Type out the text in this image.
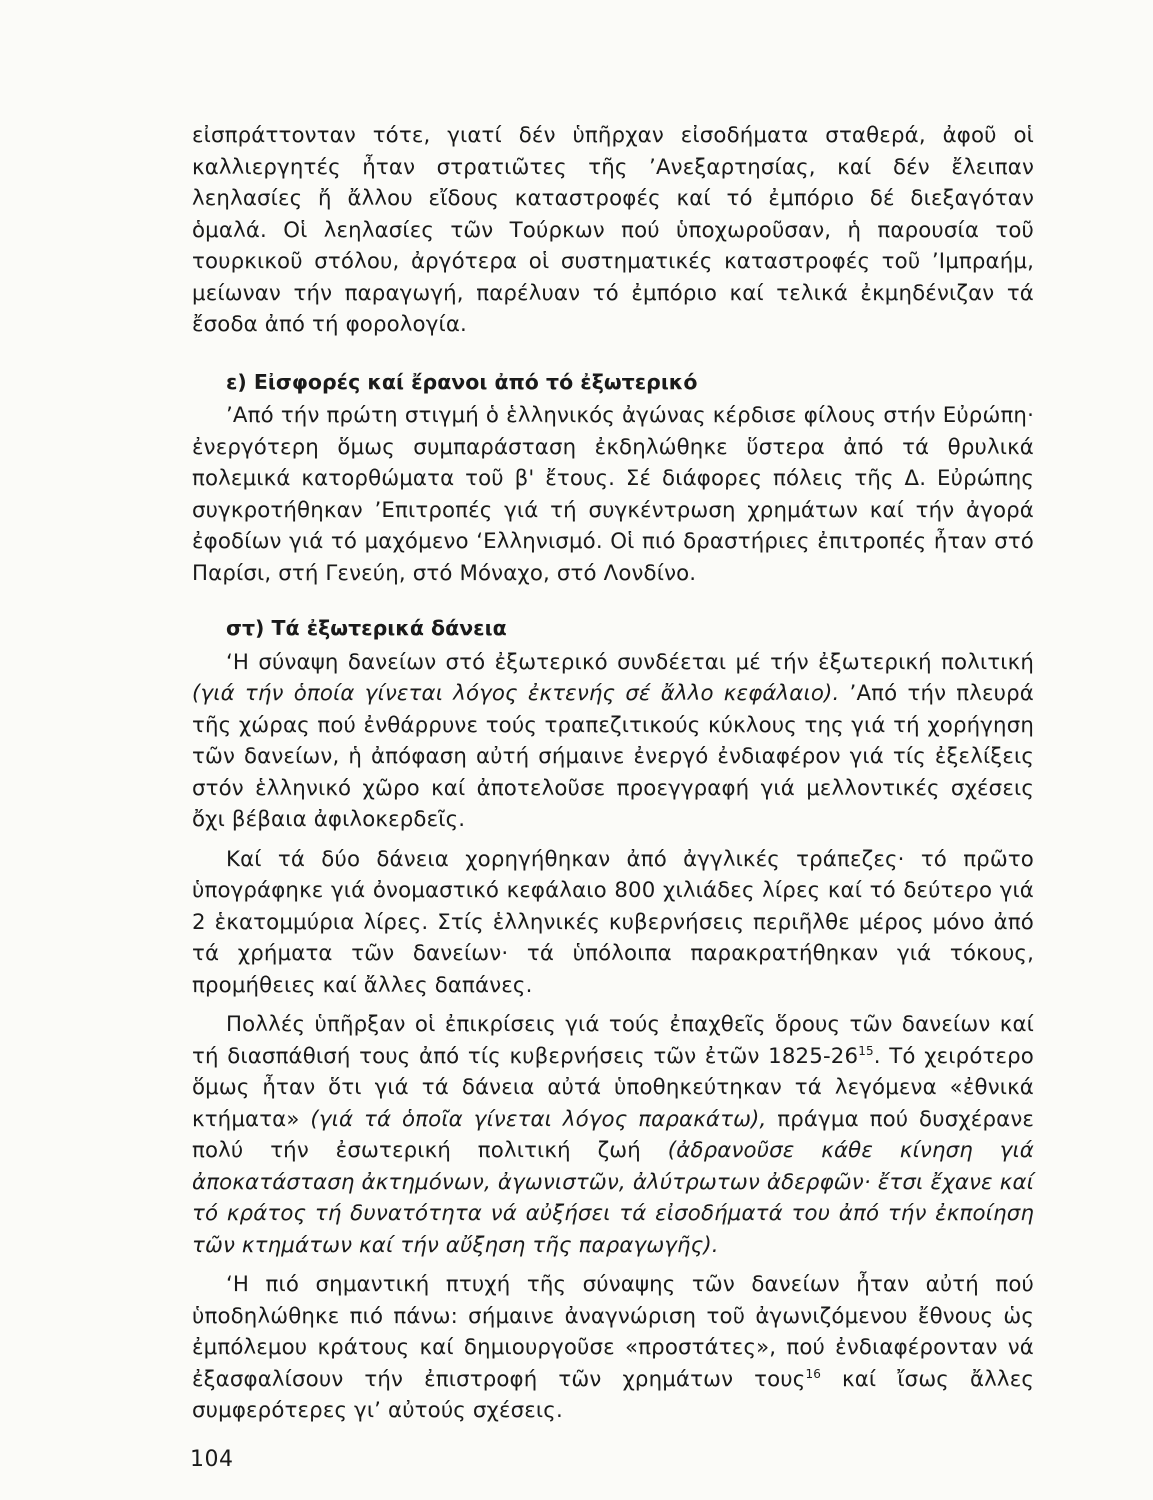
εἰσπράττονταν τότε, γιατί δέν ὑπῆρχαν εἰσοδήματα σταθερά, ἀφοῦ οἱ καλλιεργητές ἦταν στρατιῶτες τῆς ’Ανεξαρτησίας, καί δέν ἔλειπαν λεηλασίες ἤ ἄλλου εἴδους καταστροφές καί τό ἐμπόριο δέ διεξαγόταν ὁμαλά. Οἱ λεηλασίες τῶν Τούρκων πού ὑποχωροῦσαν, ἡ παρουσία τοῦ τουρκικοῦ στόλου, ἀργότερα οἱ συστηματικές καταστροφές τοῦ ’Ιμπραήμ, μείωναν τήν παραγωγή, παρέλυαν τό ἐμπόριο καί τελικά ἐκμηδένιζαν τά ἔσοδα ἀπό τή φορολογία.

ε) Εἰσφορές καί ἔρανοι ἀπό τό ἐξωτερικό

’Από τήν πρώτη στιγμή ὁ ἑλληνικός ἀγώνας κέρδισε φίλους στήν Εὐρώπη· ἐνεργότερη ὅμως συμπαράσταση ἐκδηλώθηκε ὕστερα ἀπό τά θρυλικά πολεμικά κατορθώματα τοῦ β' ἔτους. Σέ διάφορες πόλεις τῆς Δ. Εὐρώπης συγκροτήθηκαν ’Επιτροπές γιά τή συγκέντρωση χρημάτων καί τήν ἀγορά ἐφοδίων γιά τό μαχόμενο ‘Ελληνισμό. Οἱ πιό δραστήριες ἐπιτροπές ἦταν στό Παρίσι, στή Γενεύη, στό Μόναχο, στό Λονδίνο.

στ) Τά ἐξωτερικά δάνεια

‘Η σύναψη δανείων στό ἐξωτερικό συνδέεται μέ τήν ἐξωτερική πολιτική (γιά τήν ὁποία γίνεται λόγος ἐκτενής σέ ἄλλο κεφάλαιο). ’Από τήν πλευρά τῆς χώρας πού ἐνθάρρυνε τούς τραπεζιτικούς κύκλους της γιά τή χορήγηση τῶν δανείων, ἡ ἀπόφαση αὐτή σήμαινε ἐνεργό ἐνδιαφέρον γιά τίς ἐξελίξεις στόν ἑλληνικό χῶρο καί ἀποτελοῦσε προεγγραφή γιά μελλοντικές σχέσεις ὄχι βέβαια ἀφιλοκερδεῖς.

Καί τά δύο δάνεια χορηγήθηκαν ἀπό ἀγγλικές τράπεζες· τό πρῶτο ὑπογράφηκε γιά ὀνομαστικό κεφάλαιο 800 χιλιάδες λίρες καί τό δεύτερο γιά 2 ἑκατομμύρια λίρες. Στίς ἑλληνικές κυβερνήσεις περιῆλθε μέρος μόνο ἀπό τά χρήματα τῶν δανείων· τά ὑπόλοιπα παρακρατήθηκαν γιά τόκους, προμήθειες καί ἄλλες δαπάνες.

Πολλές ὑπῆρξαν οἱ ἐπικρίσεις γιά τούς ἐπαχθεῖς ὅρους τῶν δανείων καί τή διασπάθισή τους ἀπό τίς κυβερνήσεις τῶν ἐτῶν $1825-26^{15}$. Τό χειρότερο ὅμως ἦταν ὅτι γιά τά δάνεια αὐτά ὑποθηκεύτηκαν τά λεγόμενα «ἐθνικά κτήματα» (γιά τά ὁποῖα γίνεται λόγος παρακάτω), πράγμα πού δυσχέρανε πολύ τήν ἐσωτερική πολιτική ζωή (ἀδρανοῦσε κάθε κίνηση γιά ἀποκατάσταση ἀκτημόνων, ἀγωνιστῶν, ἀλύτρωτων ἀδερφῶν· ἔτσι ἔχανε καί τό κράτος τή δυνατότητα νά αὐξήσει τά εἰσοδήματά του ἀπό τήν ἐκποίηση τῶν κτημάτων καί τήν αὔξηση τῆς παραγωγῆς).

‘Η πιό σημαντική πτυχή τῆς σύναψης τῶν δανείων ἦταν αὐτή πού ὑποδηλώθηκε πιό πάνω: σήμαινε ἀναγνώριση τοῦ ἀγωνιζόμενου ἔθνους ὡς ἐμπόλεμου κράτους καί δημιουργοῦσε «προστάτες», πού ἐνδιαφέρονταν νά ἐξασφαλίσουν τήν ἐπιστροφή τῶν χρημάτων τους$^{16}$ καί ἴσως ἄλλες συμφερότερες γι’ αὐτούς σχέσεις.

104
